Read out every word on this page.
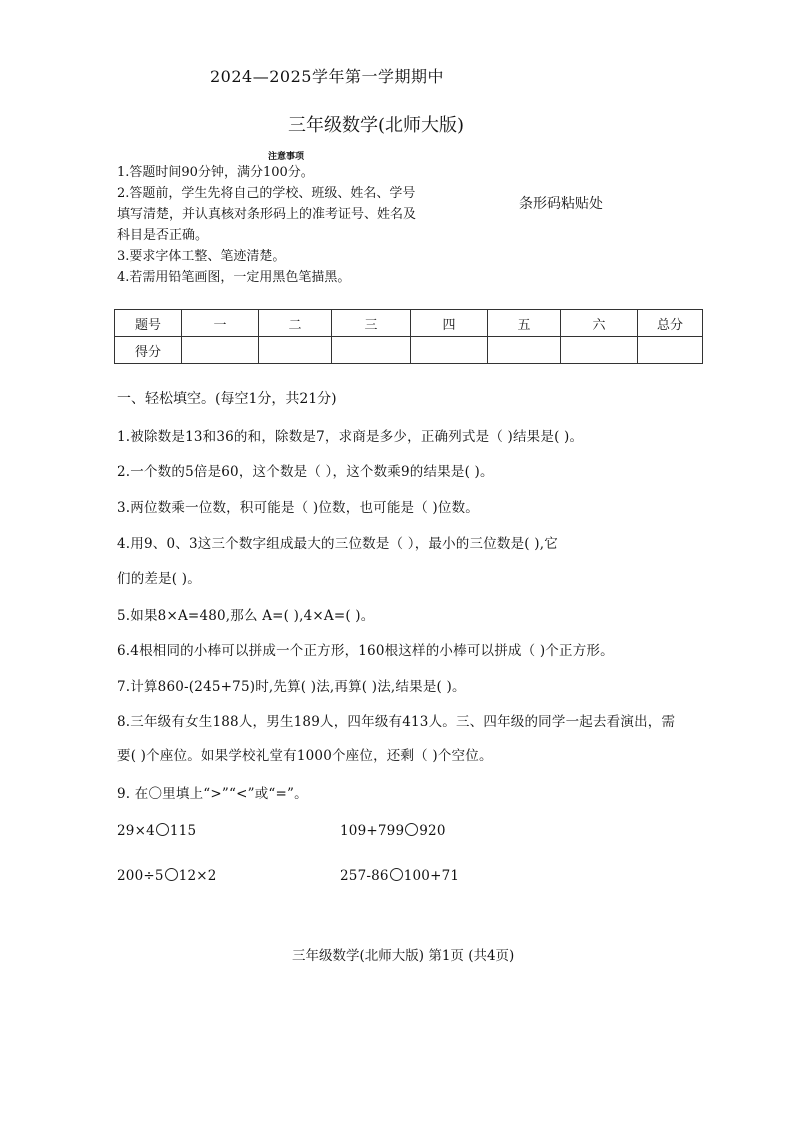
2024—2025学年第一学期期中
三年级数学(北师大版)
注意事项
1.答题时间90分钟，满分100分。
2.答题前，学生先将自己的学校、班级、姓名、学号
填写清楚，并认真核对条形码上的准考证号、姓名及
科目是否正确。
3.要求字体工整、笔迹清楚。
4.若需用铅笔画图，一定用黑色笔描黑。
条形码粘贴处
题号	一	二	三	四	五	六	总分
得分							
一、轻松填空。(每空1分，共21分)
1.被除数是13和36的和，除数是7，求商是多少，正确列式是（ )结果是( )。
2.一个数的5倍是60，这个数是（ ），这个数乘9的结果是( )。
3.两位数乘一位数，积可能是（ )位数，也可能是（ )位数。
4.用9、0、3这三个数字组成最大的三位数是（ ），最小的三位数是( ),它
们的差是( )。
5.如果8×A=480,那么 A=( ),4×A=( )。
6.4根相同的小棒可以拼成一个正方形，160根这样的小棒可以拼成（ )个正方形。
7.计算860-(245+75)时,先算( )法,再算( )法,结果是( )。
8.三年级有女生188人，男生189人，四年级有413人。三、四年级的同学一起去看演出，需
要( )个座位。如果学校礼堂有1000个座位，还剩（ )个空位。
9. 在〇里填上“>”“<”或“=”。
29×4 115	109+799 920
200÷5 12×2	257-86 100+71
三年级数学(北师大版) 第1页 (共4页)
